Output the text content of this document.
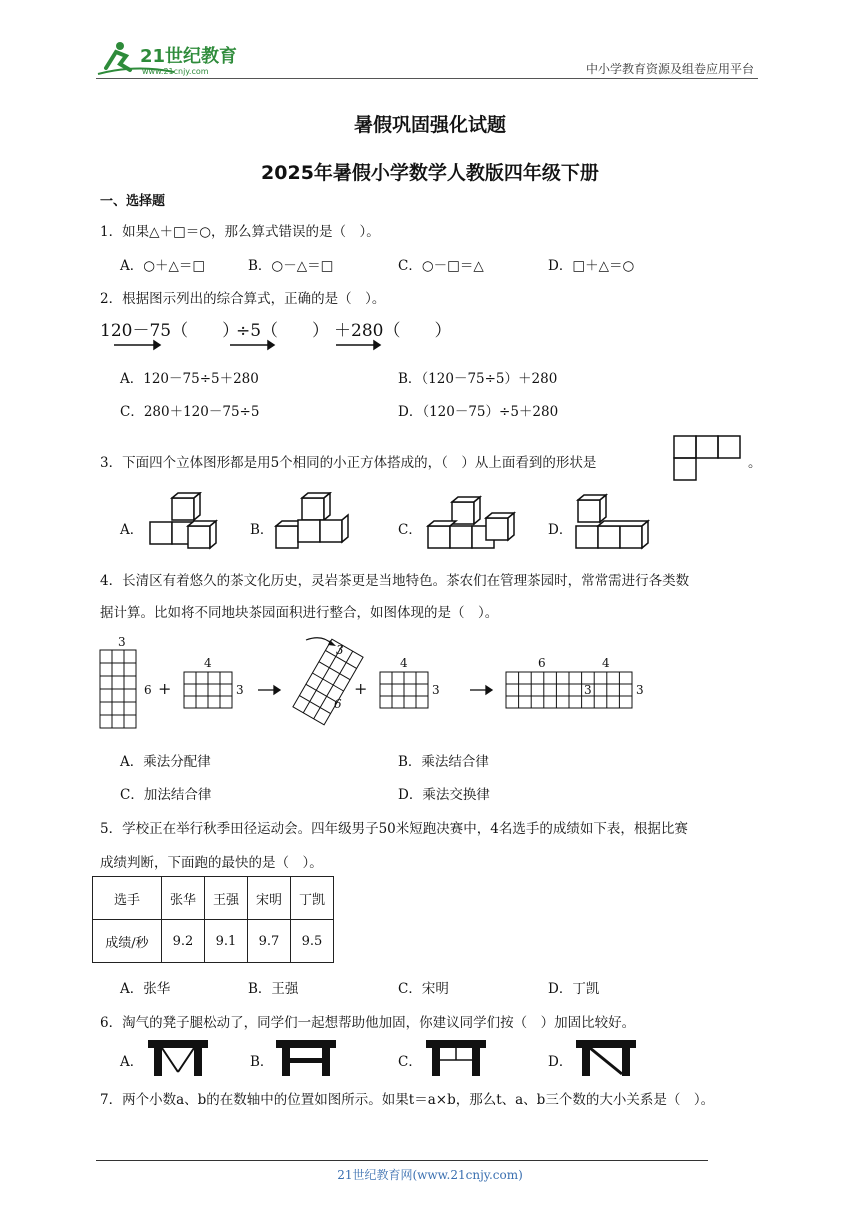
21世纪教育
www.21cnjy.com	中小学教育资源及组卷应用平台
暑假巩固强化试题
2025年暑假小学数学人教版四年级下册
一、选择题
1．如果△＋□＝○，那么算式错误的是（　）。
A．○＋△＝□	B．○－△＝□	C．○－□＝△	D．□＋△＝○
2．根据图示列出的综合算式，正确的是（　）。
120－75（　　）
÷5（　　） ＋280（　　）
A．120－75÷5＋280	B．（120－75÷5）＋280
C．280＋120－75÷5	D．（120－75）÷5＋280
3．下面四个立体图形都是用5个相同的小正方体搭成的，（　）从上面看到的形状是	。
A．	B．	C．	D．
4．长清区有着悠久的茶文化历史，灵岩茶更是当地特色。茶农们在管理茶园时，常常需进行各类数
据计算。比如将不同地块茶园面积进行整合，如图体现的是（　）。
3
6 +
4
3
3
6
+
4
3
6	4
3	3
A．乘法分配律	B．乘法结合律
C．加法结合律	D．乘法交换律
5．学校正在举行秋季田径运动会。四年级男子50米短跑决赛中，4名选手的成绩如下表，根据比赛
成绩判断，下面跑的最快的是（　）。
选手	张华	王强	宋明	丁凯
成绩/秒	9.2	9.1	9.7	9.5
A．张华	B．王强	C．宋明	D．丁凯
6．淘气的凳子腿松动了，同学们一起想帮助他加固，你建议同学们按（　）加固比较好。
A．	B．	C．	D．
7．两个小数a、b的在数轴中的位置如图所示。如果t＝a×b，那么t、a、b三个数的大小关系是（　）。
21世纪教育网(www.21cnjy.com)
